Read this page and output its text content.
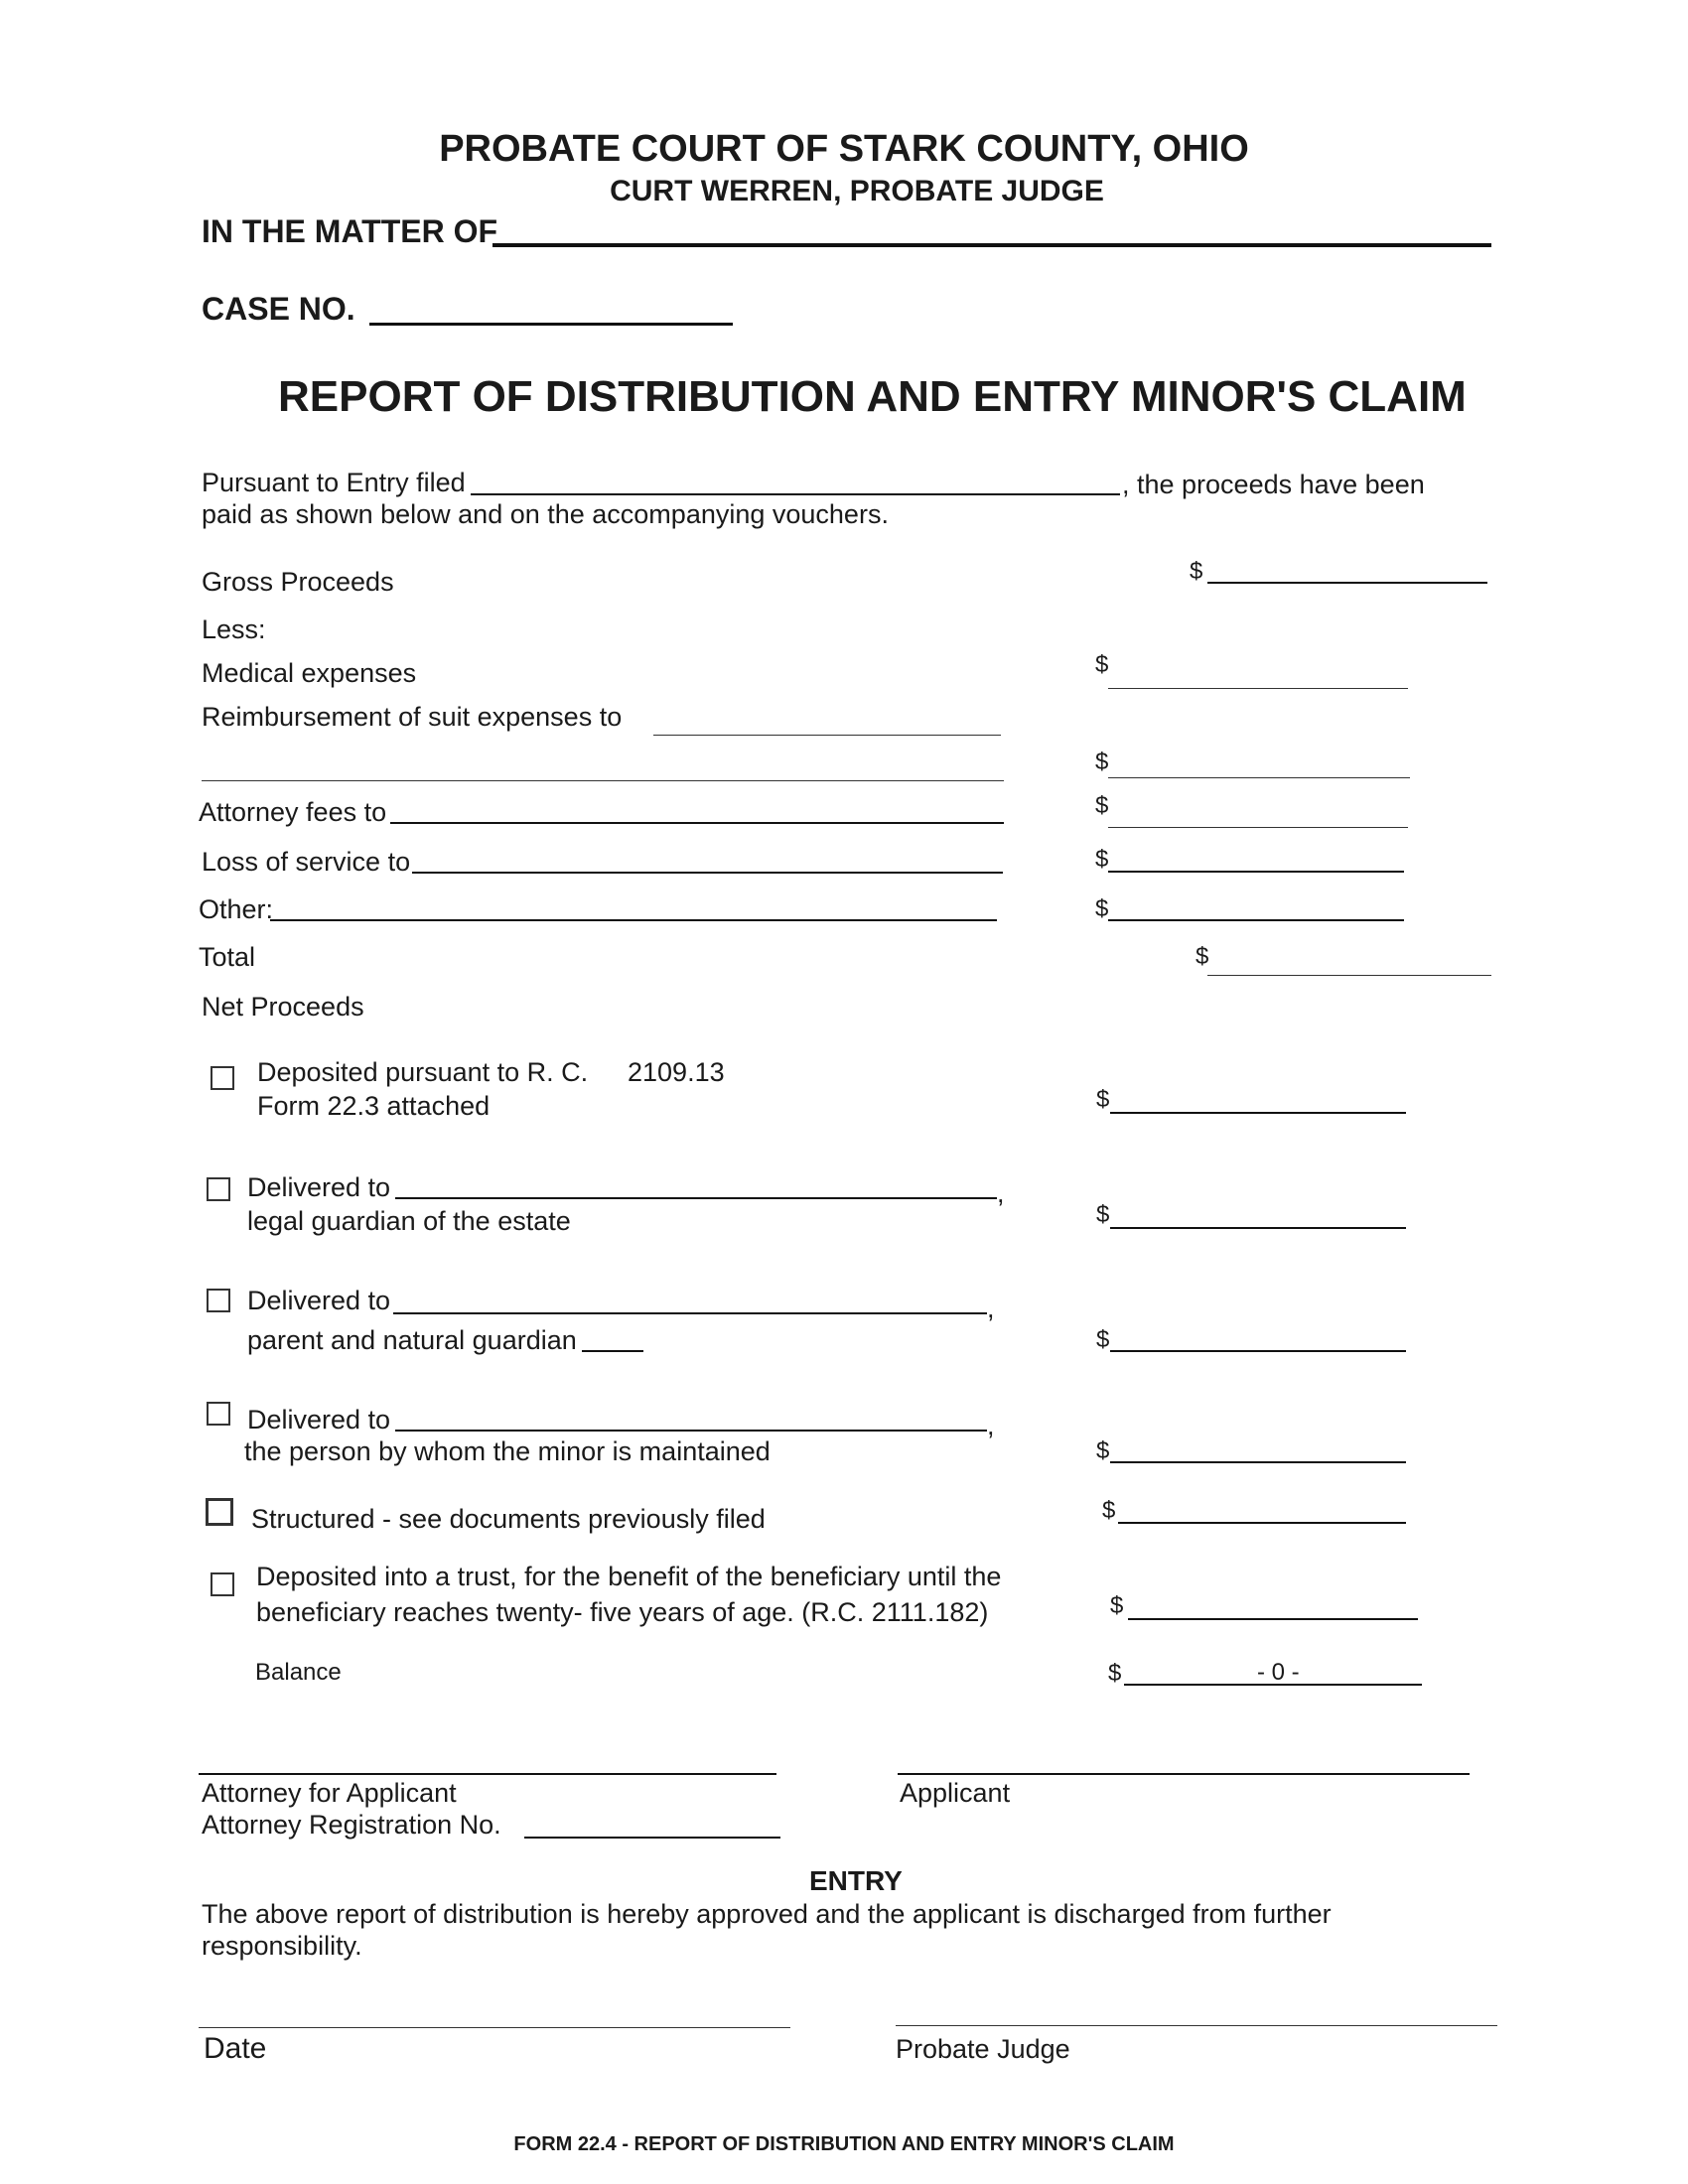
PROBATE COURT OF STARK COUNTY, OHIO
CURT WERREN, PROBATE JUDGE
IN THE MATTER OF
CASE NO.
REPORT OF DISTRIBUTION AND ENTRY MINOR'S CLAIM
Pursuant to Entry filed	, the proceeds have been
paid as shown below and on the accompanying vouchers.
Gross Proceeds	$
Less:
Medical expenses	$
Reimbursement of suit expenses to
$
Attorney fees to	$
Loss of service to	$
Other:	$
Total	$
Net Proceeds
Deposited pursuant to R. C. 2109.13
Form 22.3 attached	$
Delivered to	,
legal guardian of the estate	$
Delivered to	,
parent and natural guardian	$
Delivered to	,
the person by whom the minor is maintained	$
Structured - see documents previously filed	$
Deposited into a trust, for the benefit of the beneficiary until the
beneficiary reaches twenty- five years of age. (R.C. 2111.182)	$
Balance	$	- 0 -
Attorney for Applicant
Attorney Registration No.
Applicant
ENTRY
The above report of distribution is hereby approved and the applicant is discharged from further
responsibility.
Date	Probate Judge
FORM 22.4 - REPORT OF DISTRIBUTION AND ENTRY MINOR'S CLAIM
